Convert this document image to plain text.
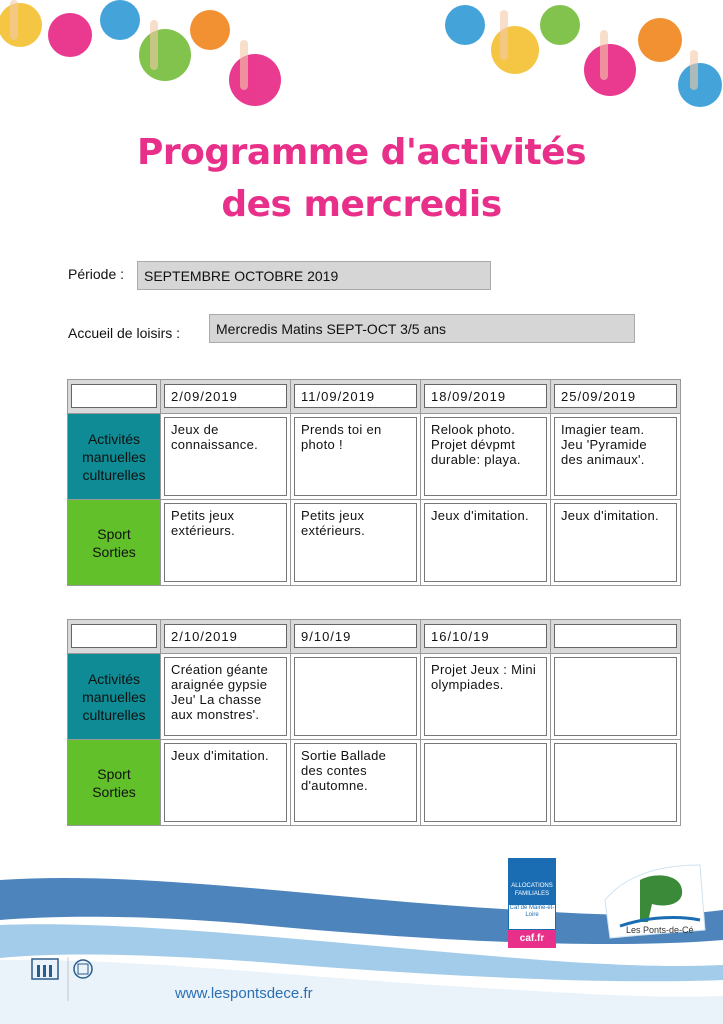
Programme d'activités
des mercredis
Période :	SEPTEMBRE OCTOBRE 2019
Accueil de loisirs :	Mercredis Matins SEPT-OCT 3/5 ans

	2/09/2019	11/09/2019	18/09/2019	25/09/2019

Activités
manuelles
culturelles	Jeux de connaissance.	Prends toi en photo !	Relook photo. Projet dévpmt durable: playa.	Imagier team. Jeu 'Pyramide des animaux'.

Sport
Sorties	Petits jeux extérieurs.	Petits jeux extérieurs.	Jeux d'imitation.	Jeux d'imitation.

	2/10/2019	9/10/19	16/10/19	

Activités
manuelles
culturelles	Création géante araignée gypsie Jeu' La chasse aux monstres'.		Projet Jeux : Mini olympiades.	

Sport
Sorties	Jeux d'imitation.	Sortie Ballade des contes d'automne.		

ALLOCATIONS FAMILIALES
Caf de Maine-et-Loire
caf.fr
Les Ponts-de-Cé
www.lespontsdece.fr
